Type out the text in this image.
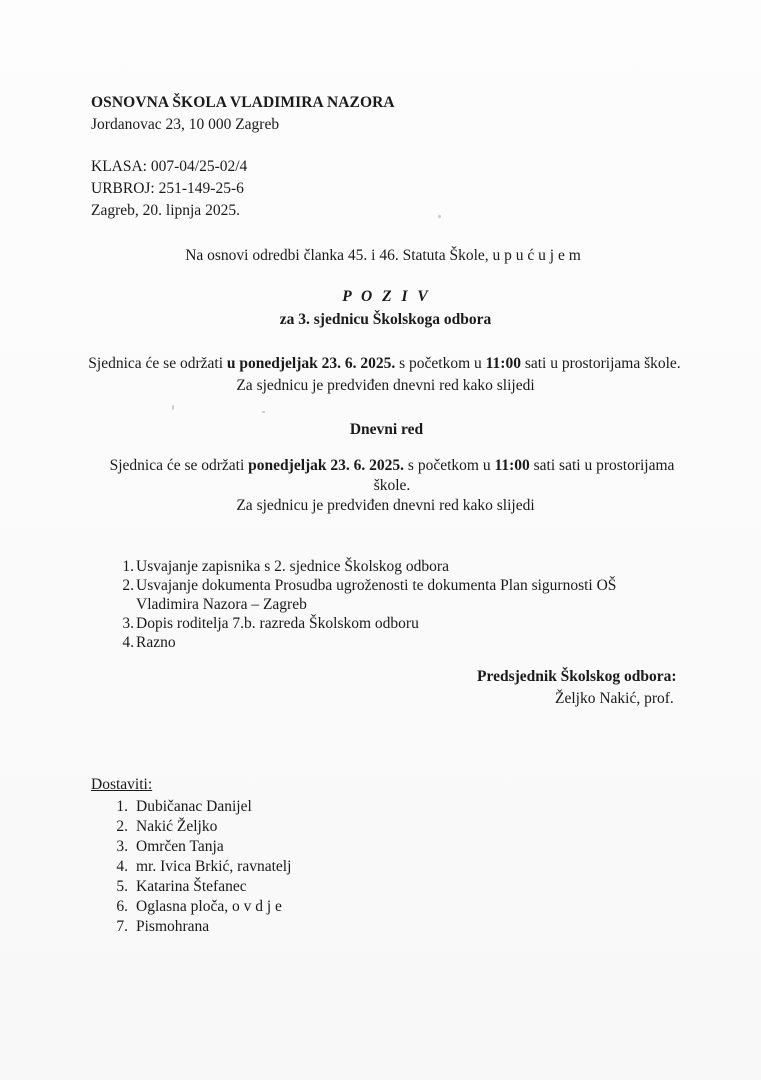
OSNOVNA ŠKOLA VLADIMIRA NAZORA
Jordanovac 23, 10 000 Zagreb
KLASA: 007-04/25-02/4
URBROJ: 251-149-25-6
Zagreb, 20. lipnja 2025.
Na osnovi odredbi članka 45. i 46. Statuta Škole, u p u ć u j e m
P O Z I V
za 3. sjednicu Školskoga odbora
Sjednica će se održati u ponedjeljak 23. 6. 2025. s početkom u 11:00 sati u prostorijama škole.
Za sjednicu je predviđen dnevni red kako slijedi
Dnevni red
Sjednica će se održati ponedjeljak 23. 6. 2025. s početkom u 11:00 sati sati u prostorijama škole.
Za sjednicu je predviđen dnevni red kako slijedi
1. Usvajanje zapisnika s 2. sjednice Školskog odbora
2. Usvajanje dokumenta Prosudba ugroženosti te dokumenta Plan sigurnosti OŠ
Vladimira Nazora – Zagreb
3. Dopis roditelja 7.b. razreda Školskom odboru
4. Razno
Predsjednik Školskog odbora:
Željko Nakić, prof.
Dostaviti:
1. Dubičanac Danijel
2. Nakić Željko
3. Omrčen Tanja
4. mr. Ivica Brkić, ravnatelj
5. Katarina Štefanec
6. Oglasna ploča, o v d j e
7. Pismohrana
